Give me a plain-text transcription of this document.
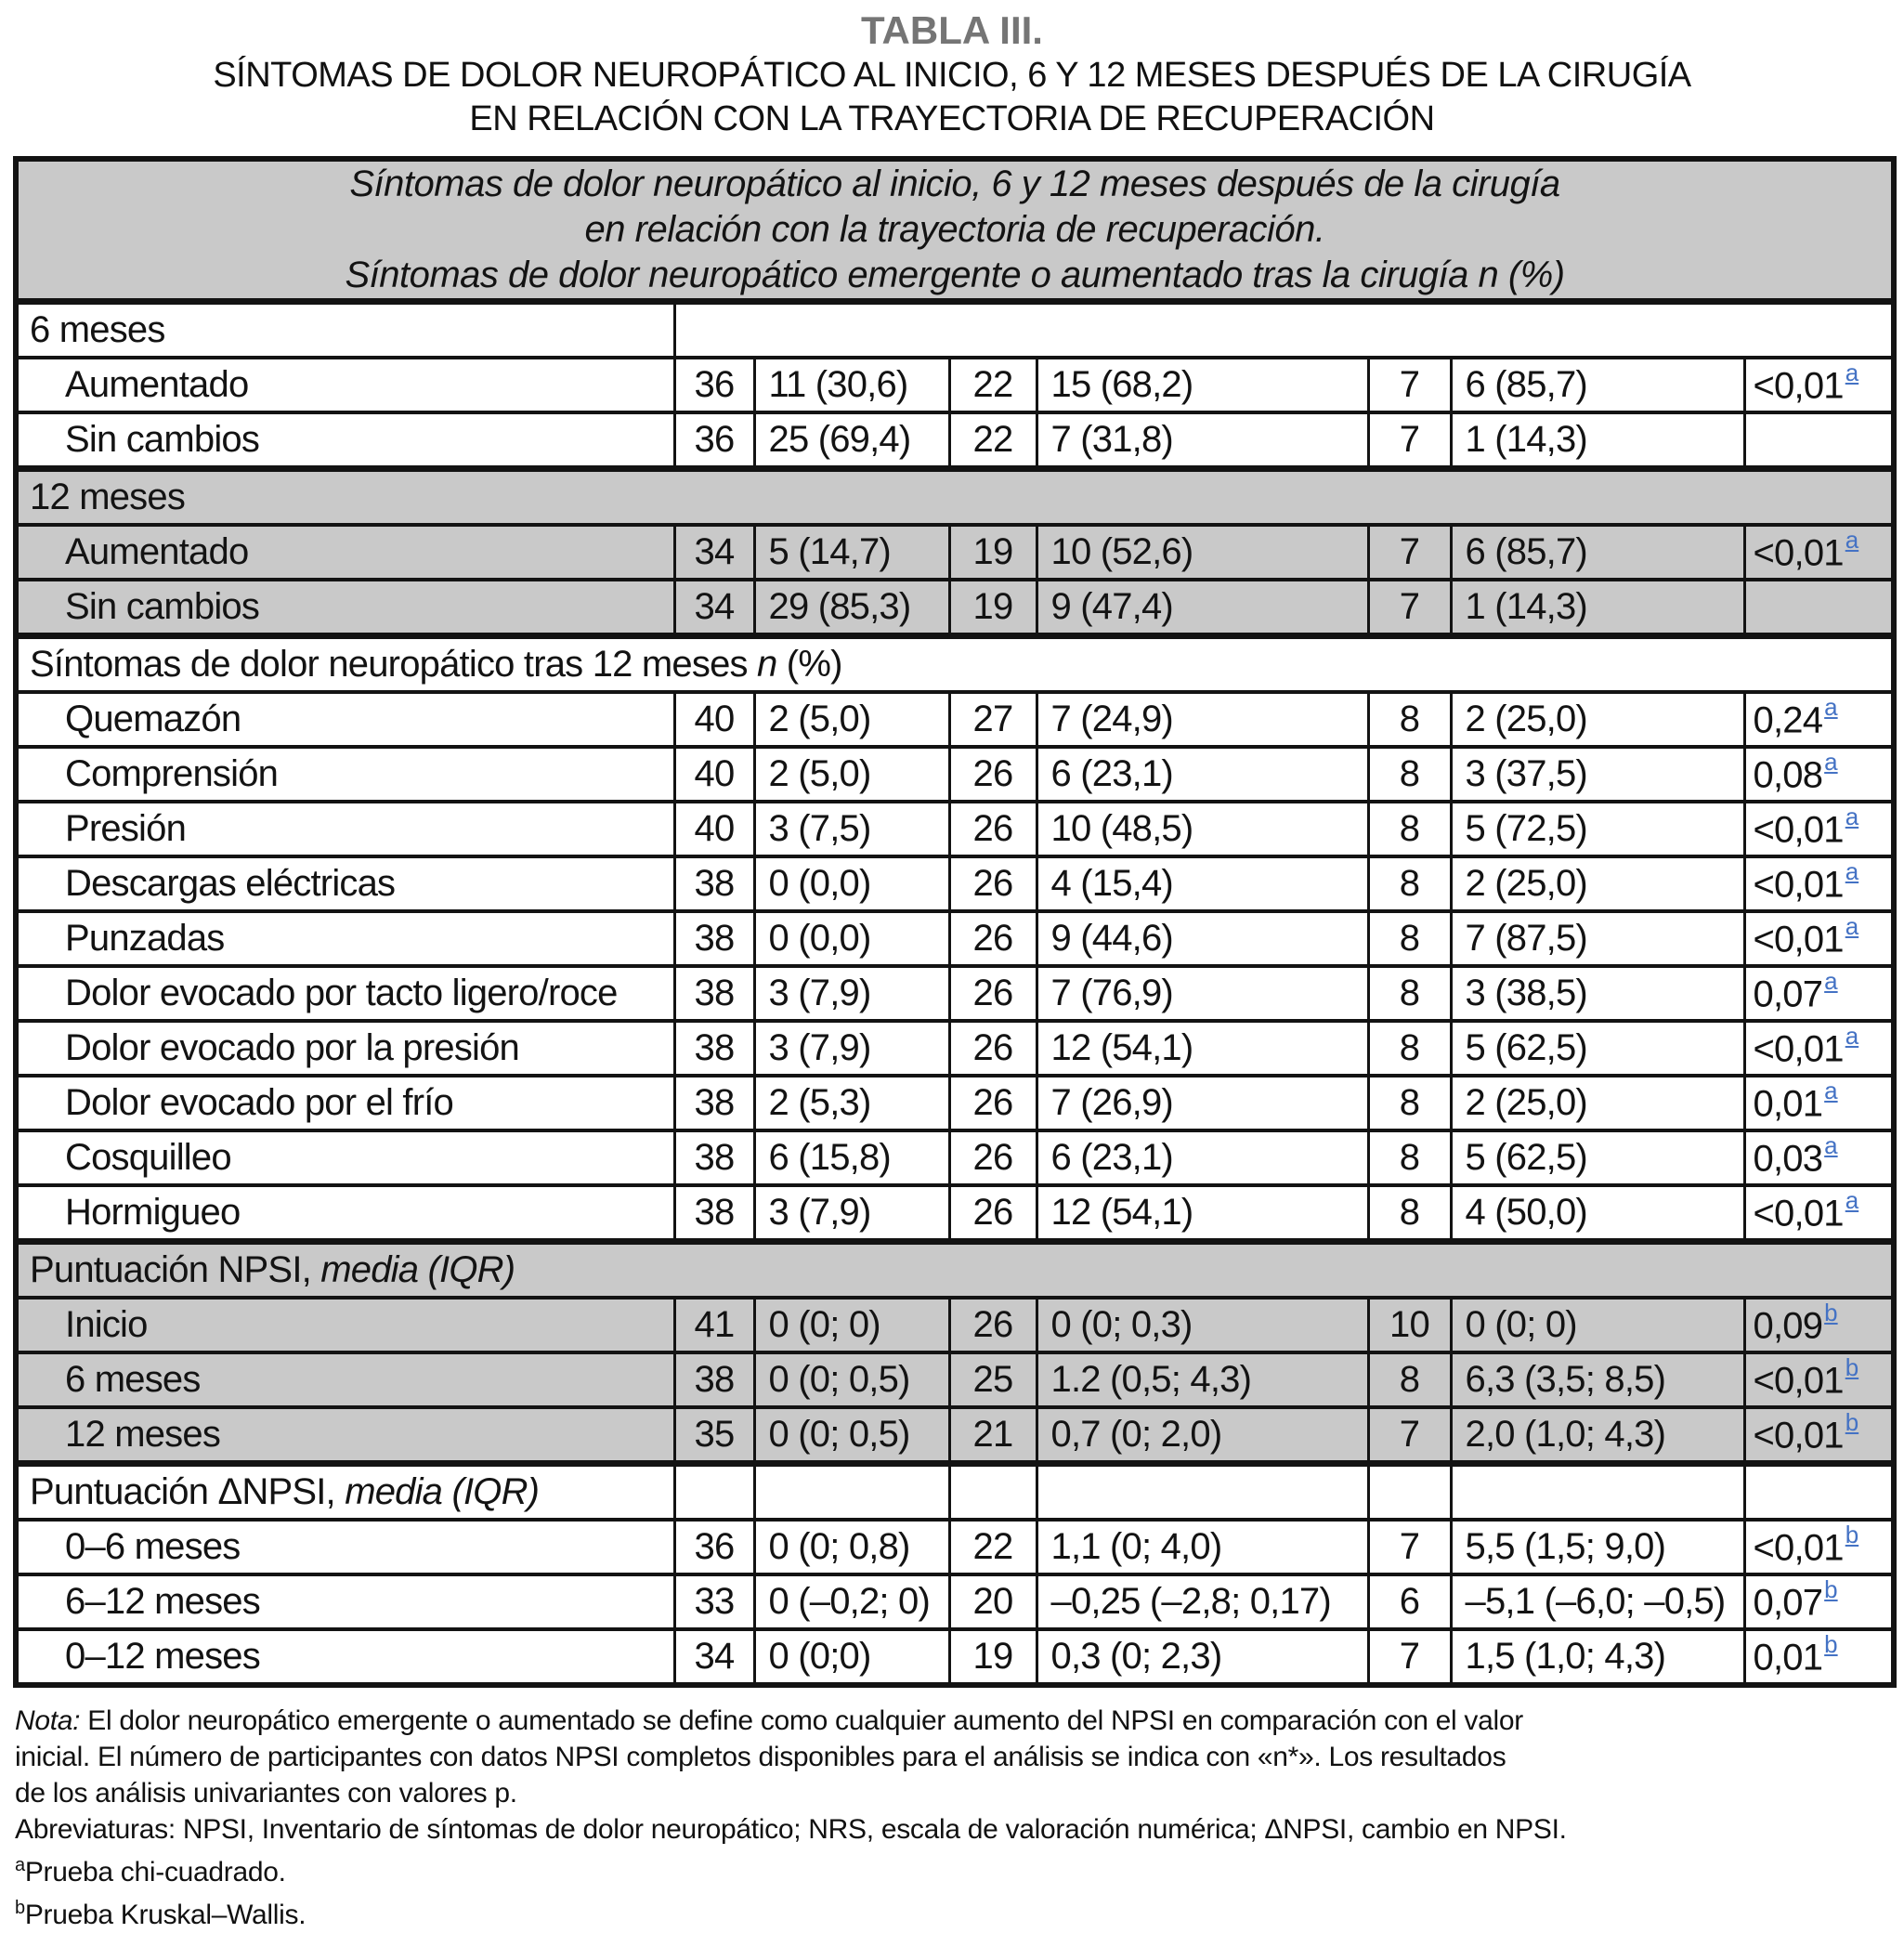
TABLA III.
SÍNTOMAS DE DOLOR NEUROPÁTICO AL INICIO, 6 Y 12 MESES DESPUÉS DE LA CIRUGÍA
EN RELACIÓN CON LA TRAYECTORIA DE RECUPERACIÓN
Síntomas de dolor neuropático al inicio, 6 y 12 meses después de la cirugía
en relación con la trayectoria de recuperación.
Síntomas de dolor neuropático emergente o aumentado tras la cirugía n (%)							

6 meses							
Aumentado	36	11 (30,6)	22	15 (68,2)	7	6 (85,7)	<0,01$^a$
Sin cambios	36	25 (69,4)	22	7 (31,8)	7	1 (14,3)	
12 meses							
Aumentado	34	5 (14,7)	19	10 (52,6)	7	6 (85,7)	<0,01$^a$
Sin cambios	34	29 (85,3)	19	9 (47,4)	7	1 (14,3)	
Síntomas de dolor neuropático tras 12 meses n (%)							
Quemazón	40	2 (5,0)	27	7 (24,9)	8	2 (25,0)	0,24$^a$
Comprensión	40	2 (5,0)	26	6 (23,1)	8	3 (37,5)	0,08$^a$
Presión	40	3 (7,5)	26	10 (48,5)	8	5 (72,5)	<0,01$^a$
Descargas eléctricas	38	0 (0,0)	26	4 (15,4)	8	2 (25,0)	<0,01$^a$
Punzadas	38	0 (0,0)	26	9 (44,6)	8	7 (87,5)	<0,01$^a$
Dolor evocado por tacto ligero/roce	38	3 (7,9)	26	7 (76,9)	8	3 (38,5)	0,07$^a$
Dolor evocado por la presión	38	3 (7,9)	26	12 (54,1)	8	5 (62,5)	<0,01$^a$
Dolor evocado por el frío	38	2 (5,3)	26	7 (26,9)	8	2 (25,0)	0,01$^a$
Cosquilleo	38	6 (15,8)	26	6 (23,1)	8	5 (62,5)	0,03$^a$
Hormigueo	38	3 (7,9)	26	12 (54,1)	8	4 (50,0)	<0,01$^a$
Puntuación NPSI, media (IQR)							
Inicio	41	0 (0; 0)	26	0 (0; 0,3)	10	0 (0; 0)	0,09$^b$
6 meses	38	0 (0; 0,5)	25	1.2 (0,5; 4,3)	8	6,3 (3,5; 8,5)	<0,01$^b$
12 meses	35	0 (0; 0,5)	21	0,7 (0; 2,0)	7	2,0 (1,0; 4,3)	<0,01$^b$
Puntuación ΔNPSI, media (IQR)							
0–6 meses	36	0 (0; 0,8)	22	1,1 (0; 4,0)	7	5,5 (1,5; 9,0)	<0,01$^b$
6–12 meses	33	0 (–0,2; 0)	20	–0,25 (–2,8; 0,17)	6	–5,1 (–6,0; –0,5)	0,07$^b$
0–12 meses	34	0 (0;0)	19	0,3 (0; 2,3)	7	1,5 (1,0; 4,3)	0,01$^b$

Nota: El dolor neuropático emergente o aumentado se define como cualquier aumento del NPSI en comparación con el valor
inicial. El número de participantes con datos NPSI completos disponibles para el análisis se indica con «n*». Los resultados
de los análisis univariantes con valores p.

Abreviaturas: NPSI, Inventario de síntomas de dolor neuropático; NRS, escala de valoración numérica; ΔNPSI, cambio en NPSI.

$^a$Prueba chi-cuadrado.

$^b$Prueba Kruskal–Wallis.
